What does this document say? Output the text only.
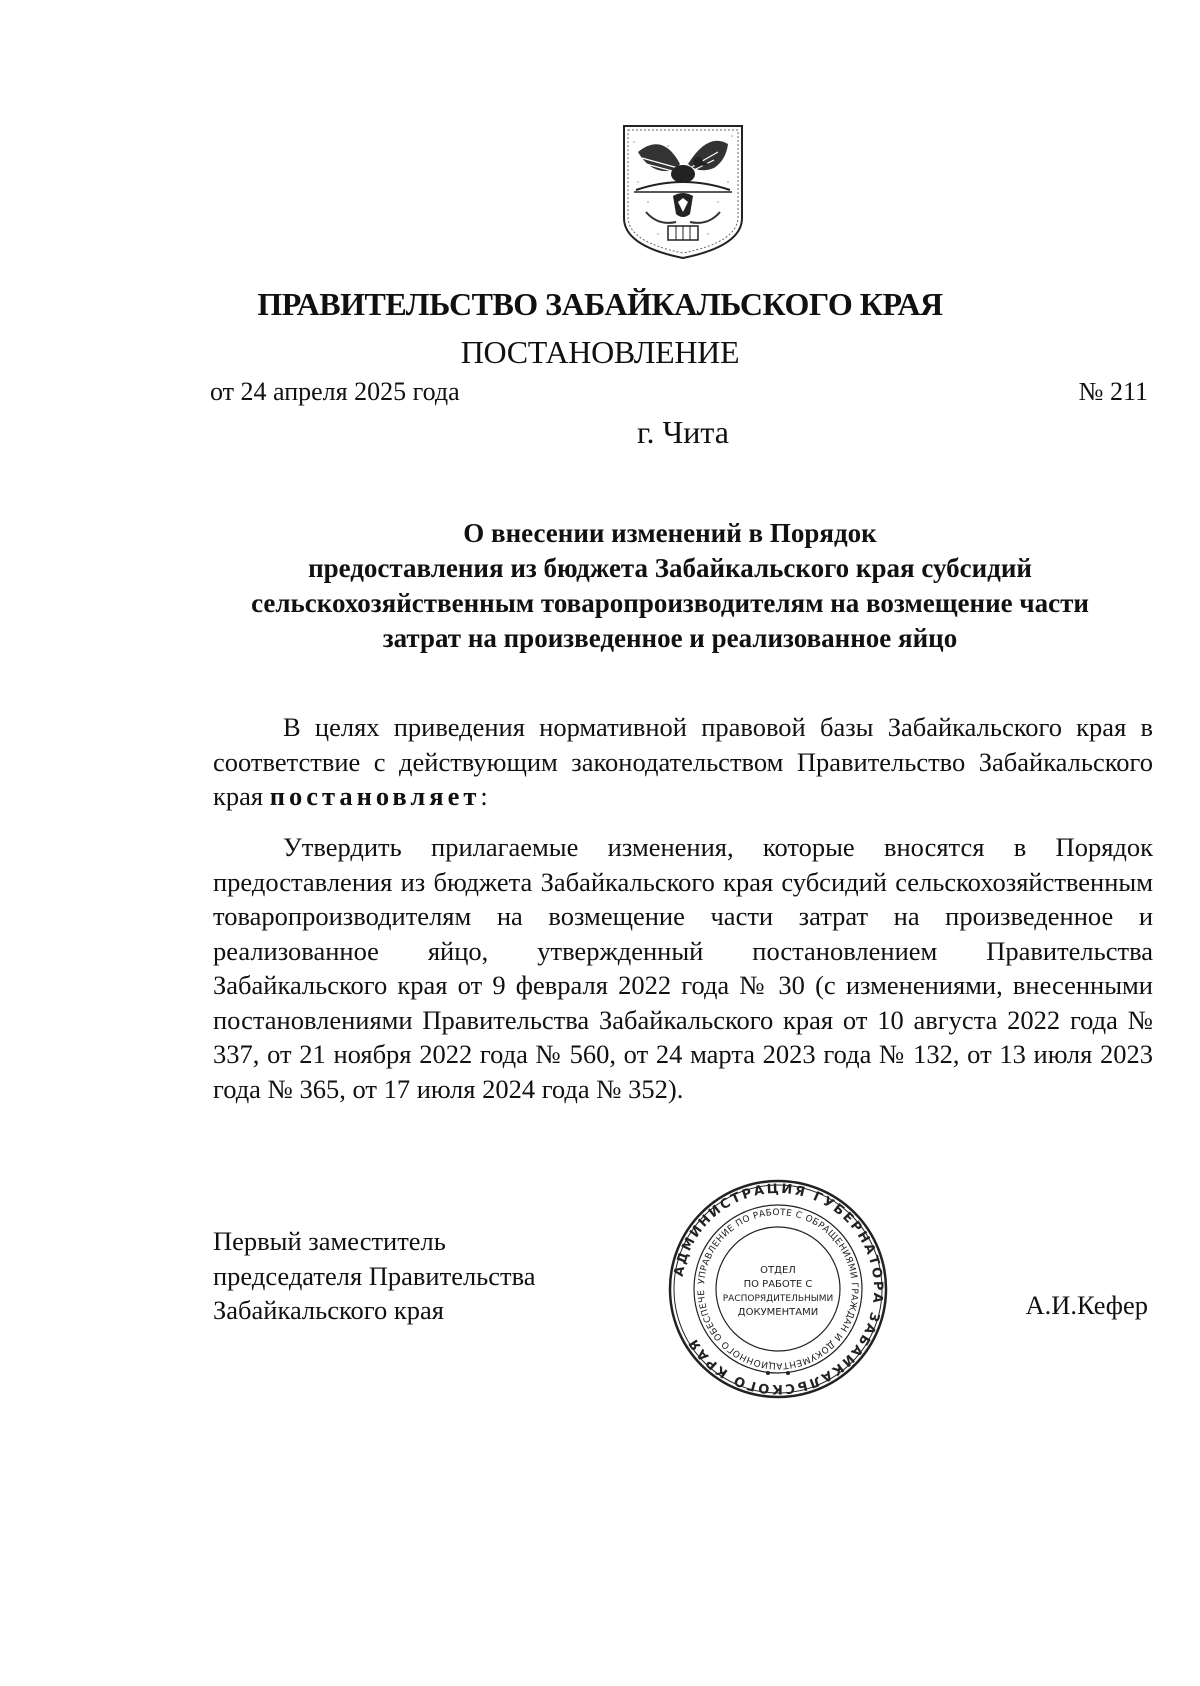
ПРАВИТЕЛЬСТВО ЗАБАЙКАЛЬСКОГО КРАЯ
ПОСТАНОВЛЕНИЕ
от 24 апреля 2025 года	№ 211
г. Чита
О внесении изменений в Порядок
предоставления из бюджета Забайкальского края субсидий
сельскохозяйственным товаропроизводителям на возмещение части
затрат на произведенное и реализованное яйцо
В целях приведения нормативной правовой базы Забайкальского края в соответствие с действующим законодательством Правительство Забайкальского края постановляет:
Утвердить прилагаемые изменения, которые вносятся в Порядок предоставления из бюджета Забайкальского края субсидий сельскохозяйственным товаропроизводителям на возмещение части затрат на произведенное и реализованное яйцо, утвержденный постановлением Правительства Забайкальского края от 9 февраля 2022 года № 30 (с изменениями, внесенными постановлениями Правительства Забайкальского края от 10 августа 2022 года № 337, от 21 ноября 2022 года № 560, от 24 марта 2023 года № 132, от 13 июля 2023 года № 365, от 17 июля 2024 года № 352).
Первый заместитель
председателя Правительства
Забайкальского края	А.И.Кефер
АДМИНИСТРАЦИЯ ГУБЕРНАТОРА ЗАБАЙКАЛЬСКОГО КРАЯ
УПРАВЛЕНИЕ ПО РАБОТЕ С ОБРАЩЕНИЯМИ ГРАЖДАН И ДОКУМЕНТАЦИОННОГО ОБЕСПЕЧЕ
ОТДЕЛ
ПО РАБОТЕ С
РАСПОРЯДИТЕЛЬНЫМИ
ДОКУМЕНТАМИ
